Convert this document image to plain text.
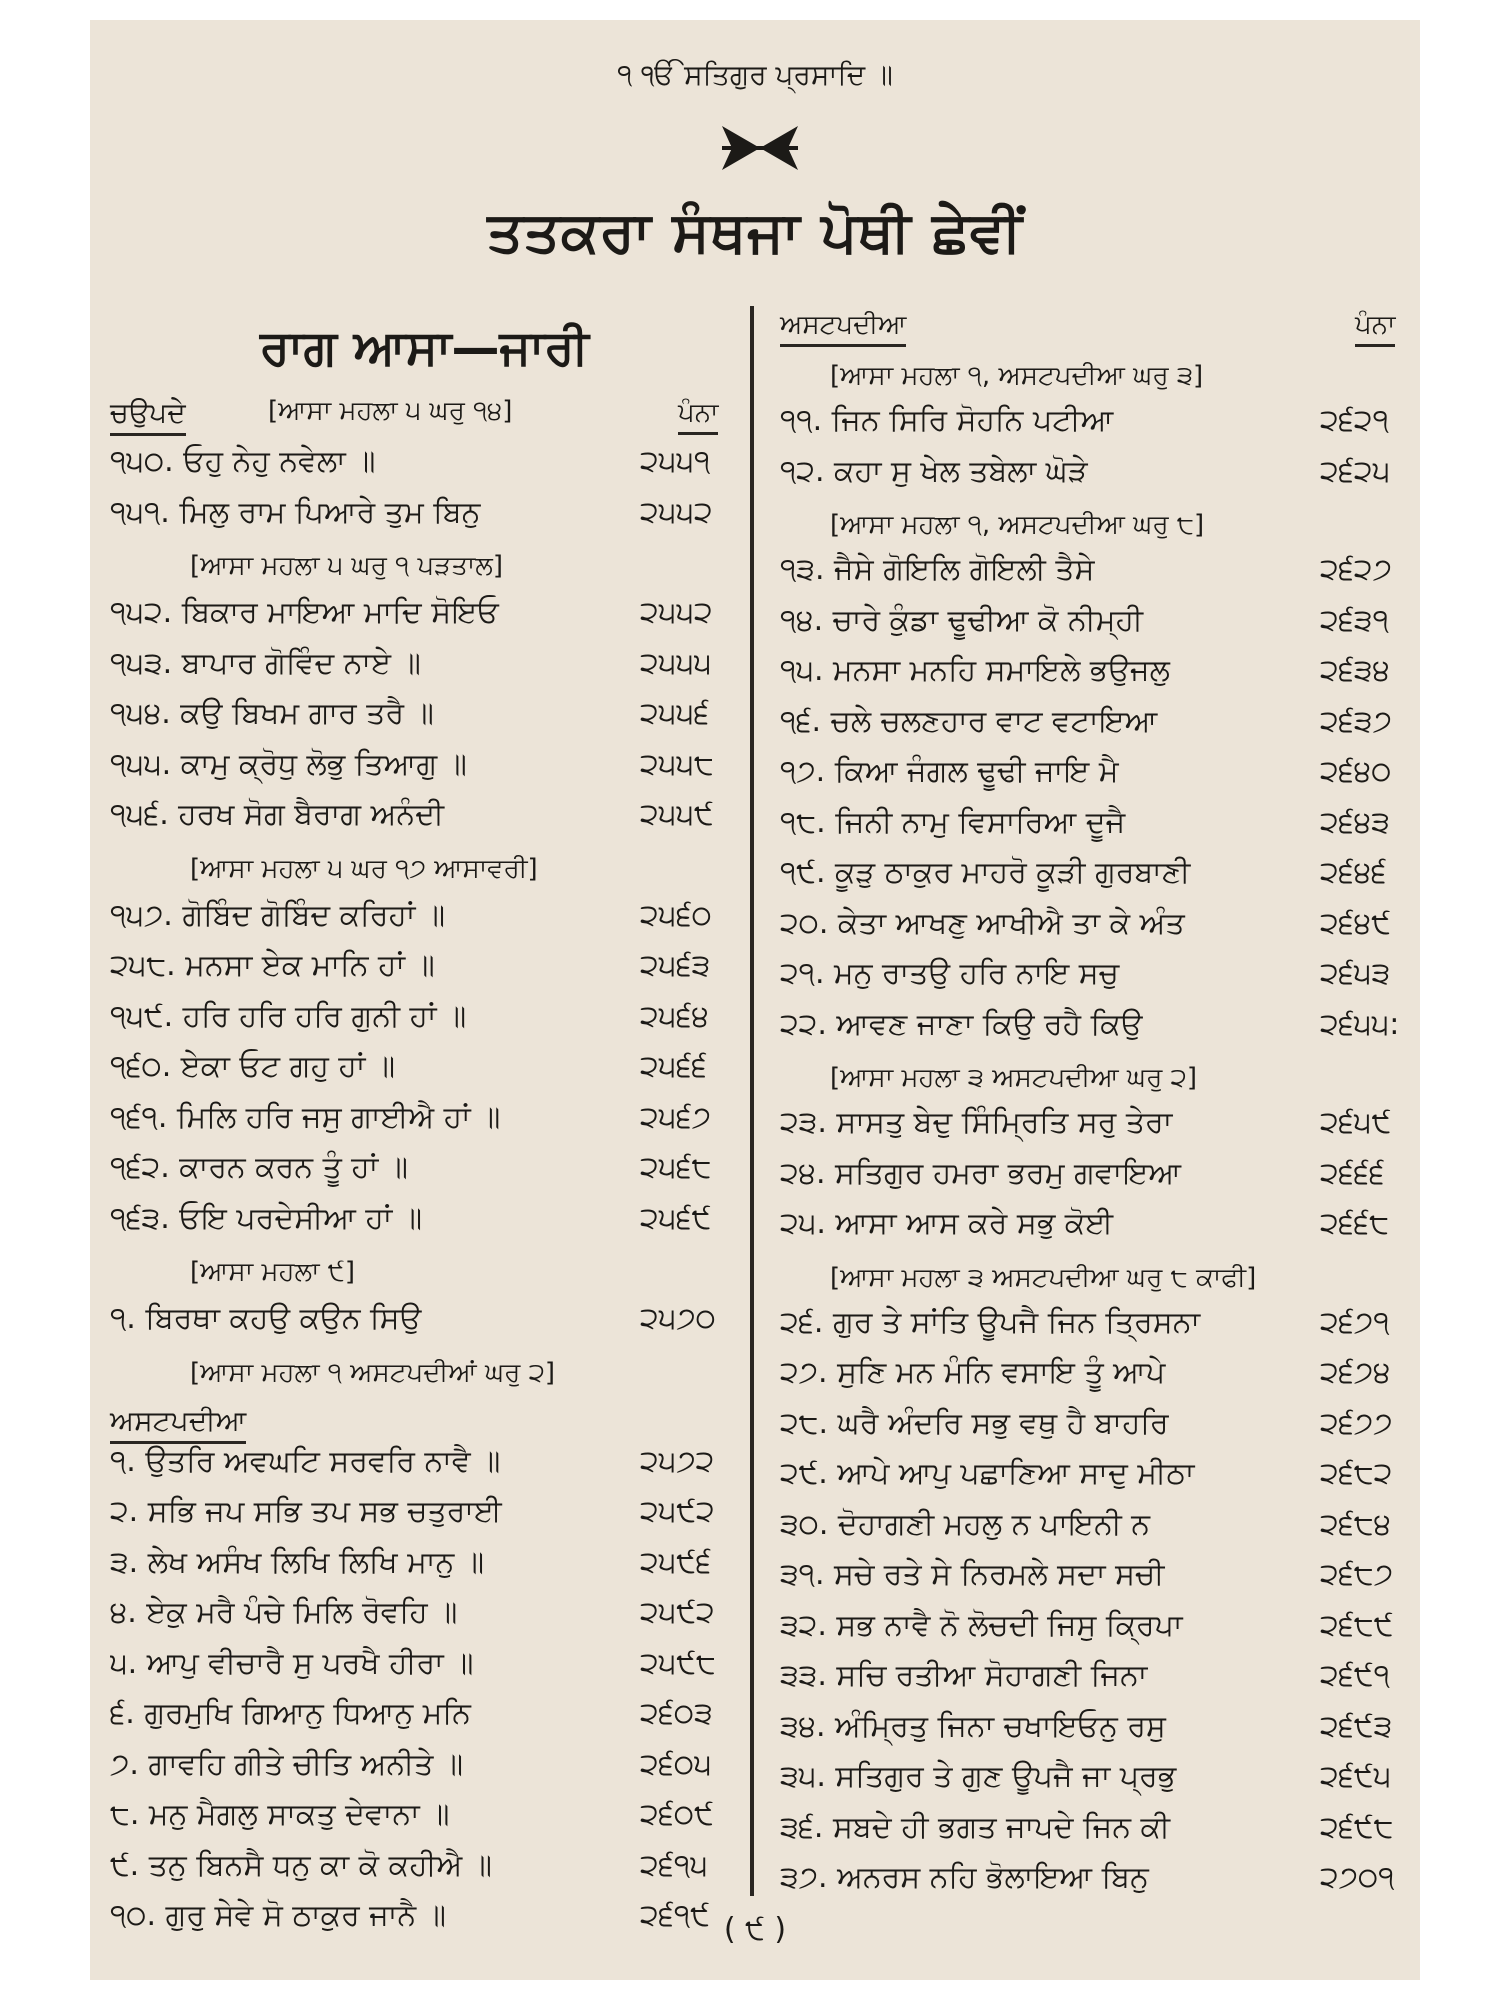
੧ ੴ ਸਤਿਗੁਰ ਪ੍ਰਸਾਦਿ ॥
ਤਤਕਰਾ ਸੰਥਜਾ ਪੋਥੀ ਛੇਵੀਂ
ਰਾਗ ਆਸਾ—ਜਾਰੀ
ਚਉਪਦੇ	[ਆਸਾ ਮਹਲਾ ੫ ਘਰੁ ੧੪]	ਪੰਨਾ
੧੫੦. ਓਹੁ ਨੇਹੁ ਨਵੇਲਾ ॥	੨੫੫੧
੧੫੧. ਮਿਲੁ ਰਾਮ ਪਿਆਰੇ ਤੁਮ ਬਿਨੁ	੨੫੫੨
[ਆਸਾ ਮਹਲਾ ੫ ਘਰੁ ੧ ਪੜਤਾਲ]
੧੫੨. ਬਿਕਾਰ ਮਾਇਆ ਮਾਦਿ ਸੋਇਓ	੨੫੫੨
੧੫੩. ਬਾਪਾਰ ਗੋਵਿੰਦ ਨਾਏ ॥	੨੫੫੫
੧੫੪. ਕਉ ਬਿਖਮ ਗਾਰ ਤਰੈ ॥	੨੫੫੬
੧੫੫. ਕਾਮੁ ਕ੍ਰੋਧੁ ਲੋਭੁ ਤਿਆਗੁ ॥	੨੫੫੮
੧੫੬. ਹਰਖ ਸੋਗ ਬੈਰਾਗ ਅਨੰਦੀ	੨੫੫੯
[ਆਸਾ ਮਹਲਾ ੫ ਘਰ ੧੭ ਆਸਾਵਰੀ]
੧੫੭. ਗੋਬਿੰਦ ਗੋਬਿੰਦ ਕਰਿਹਾਂ ॥	੨੫੬੦
੨੫੮. ਮਨਸਾ ਏਕ ਮਾਨਿ ਹਾਂ ॥	੨੫੬੩
੧੫੯. ਹਰਿ ਹਰਿ ਹਰਿ ਗੁਨੀ ਹਾਂ ॥	੨੫੬੪
੧੬੦. ਏਕਾ ਓਟ ਗਹੁ ਹਾਂ ॥	੨੫੬੬
੧੬੧. ਮਿਲਿ ਹਰਿ ਜਸੁ ਗਾਈਐ ਹਾਂ ॥	੨੫੬੭
੧੬੨. ਕਾਰਨ ਕਰਨ ਤੂੰ ਹਾਂ ॥	੨੫੬੮
੧੬੩. ਓਇ ਪਰਦੇਸੀਆ ਹਾਂ ॥	੨੫੬੯
[ਆਸਾ ਮਹਲਾ ੯]
੧. ਬਿਰਥਾ ਕਹਉ ਕਉਨ ਸਿਉ	੨੫੭੦
[ਆਸਾ ਮਹਲਾ ੧ ਅਸਟਪਦੀਆਂ ਘਰੁ ੨]
ਅਸਟਪਦੀਆ
੧. ਉਤਰਿ ਅਵਘਟਿ ਸਰਵਰਿ ਨਾਵੈ ॥	੨੫੭੨
੨. ਸਭਿ ਜਪ ਸਭਿ ਤਪ ਸਭ ਚਤੁਰਾਈ	੨੫੯੨
੩. ਲੇਖ ਅਸੰਖ ਲਿਖਿ ਲਿਖਿ ਮਾਨੁ ॥	੨੫੯੬
੪. ਏਕੁ ਮਰੈ ਪੰਚੇ ਮਿਲਿ ਰੋਵਹਿ ॥	੨੫੯੨
੫. ਆਪੁ ਵੀਚਾਰੈ ਸੁ ਪਰਖੈ ਹੀਰਾ ॥	੨੫੯੮
੬. ਗੁਰਮੁਖਿ ਗਿਆਨੁ ਧਿਆਨੁ ਮਨਿ	੨੬੦੩
੭. ਗਾਵਹਿ ਗੀਤੇ ਚੀਤਿ ਅਨੀਤੇ ॥	੨੬੦੫
੮. ਮਨੁ ਮੈਗਲੁ ਸਾਕਤੁ ਦੇਵਾਨਾ ॥	੨੬੦੯
੯. ਤਨੁ ਬਿਨਸੈ ਧਨੁ ਕਾ ਕੋ ਕਹੀਐ ॥	੨੬੧੫
੧੦. ਗੁਰੁ ਸੇਵੇ ਸੋ ਠਾਕੁਰ ਜਾਨੈ ॥	੨੬੧੯
ਅਸਟਪਦੀਆ	ਪੰਨਾ
[ਆਸਾ ਮਹਲਾ ੧, ਅਸਟਪਦੀਆ ਘਰੁ ੩]
੧੧. ਜਿਨ ਸਿਰਿ ਸੋਹਨਿ ਪਟੀਆ	੨੬੨੧
੧੨. ਕਹਾ ਸੁ ਖੇਲ ਤਬੇਲਾ ਘੋੜੇ	੨੬੨੫
[ਆਸਾ ਮਹਲਾ ੧, ਅਸਟਪਦੀਆ ਘਰੁ ੮]
੧੩. ਜੈਸੇ ਗੋਇਲਿ ਗੋਇਲੀ ਤੈਸੇ	੨੬੨੭
੧੪. ਚਾਰੇ ਕੁੰਡਾ ਢੂਢੀਆ ਕੋ ਨੀਮ੍ਹੀ	੨੬੩੧
੧੫. ਮਨਸਾ ਮਨਹਿ ਸਮਾਇਲੇ ਭਉਜਲੁ	੨੬੩੪
੧੬. ਚਲੇ ਚਲਣਹਾਰ ਵਾਟ ਵਟਾਇਆ	੨੬੩੭
੧੭. ਕਿਆ ਜੰਗਲ ਢੂਢੀ ਜਾਇ ਮੈ	੨੬੪੦
੧੮. ਜਿਨੀ ਨਾਮੁ ਵਿਸਾਰਿਆ ਦੂਜੈ	੨੬੪੩
੧੯. ਕੂੜੁ ਠਾਕੁਰ ਮਾਹਰੋ ਕੂੜੀ ਗੁਰਬਾਣੀ	੨੬੪੬
੨੦. ਕੇਤਾ ਆਖਣੁ ਆਖੀਐ ਤਾ ਕੇ ਅੰਤ	੨੬੪੯
੨੧. ਮਨੁ ਰਾਤਉ ਹਰਿ ਨਾਇ ਸਚੁ	੨੬੫੩
੨੨. ਆਵਣ ਜਾਣਾ ਕਿਉ ਰਹੈ ਕਿਉ	੨੬੫੫:
[ਆਸਾ ਮਹਲਾ ੩ ਅਸਟਪਦੀਆ ਘਰੁ ੨]
੨੩. ਸਾਸਤੁ ਬੇਦੁ ਸਿੰਮ੍ਰਿਤਿ ਸਰੁ ਤੇਰਾ	੨੬੫੯
੨੪. ਸਤਿਗੁਰ ਹਮਰਾ ਭਰਮੁ ਗਵਾਇਆ	੨੬੬੬
੨੫. ਆਸਾ ਆਸ ਕਰੇ ਸਭੁ ਕੋਈ	੨੬੬੮
[ਆਸਾ ਮਹਲਾ ੩ ਅਸਟਪਦੀਆ ਘਰੁ ੮ ਕਾਫੀ]
੨੬. ਗੁਰ ਤੇ ਸਾਂਤਿ ਊਪਜੈ ਜਿਨ ਤ੍ਰਿਸਨਾ	੨੬੭੧
੨੭. ਸੁਣਿ ਮਨ ਮੰਨਿ ਵਸਾਇ ਤੂੰ ਆਪੇ	੨੬੭੪
੨੮. ਘਰੈ ਅੰਦਰਿ ਸਭੁ ਵਥੁ ਹੈ ਬਾਹਰਿ	੨੬੭੭
੨੯. ਆਪੇ ਆਪੁ ਪਛਾਣਿਆ ਸਾਦੁ ਮੀਠਾ	੨੬੮੨
੩੦. ਦੋਹਾਗਣੀ ਮਹਲੁ ਨ ਪਾਇਨੀ ਨ	੨੬੮੪
੩੧. ਸਚੇ ਰਤੇ ਸੇ ਨਿਰਮਲੇ ਸਦਾ ਸਚੀ	੨੬੮੭
੩੨. ਸਭ ਨਾਵੈ ਨੋ ਲੋਚਦੀ ਜਿਸੁ ਕ੍ਰਿਪਾ	੨੬੮੯
੩੩. ਸਚਿ ਰਤੀਆ ਸੋਹਾਗਣੀ ਜਿਨਾ	੨੬੯੧
੩੪. ਅੰਮ੍ਰਿਤੁ ਜਿਨਾ ਚਖਾਇਓਨੁ ਰਸੁ	੨੬੯੩
੩੫. ਸਤਿਗੁਰ ਤੇ ਗੁਣ ਊਪਜੈ ਜਾ ਪ੍ਰਭੁ	੨੬੯੫
੩੬. ਸਬਦੇ ਹੀ ਭਗਤ ਜਾਪਦੇ ਜਿਨ ਕੀ	੨੬੯੮
੩੭. ਅਨਰਸ ਨਹਿ ਭੋਲਾਇਆ ਬਿਨੁ	੨੭੦੧
( ੯ )
